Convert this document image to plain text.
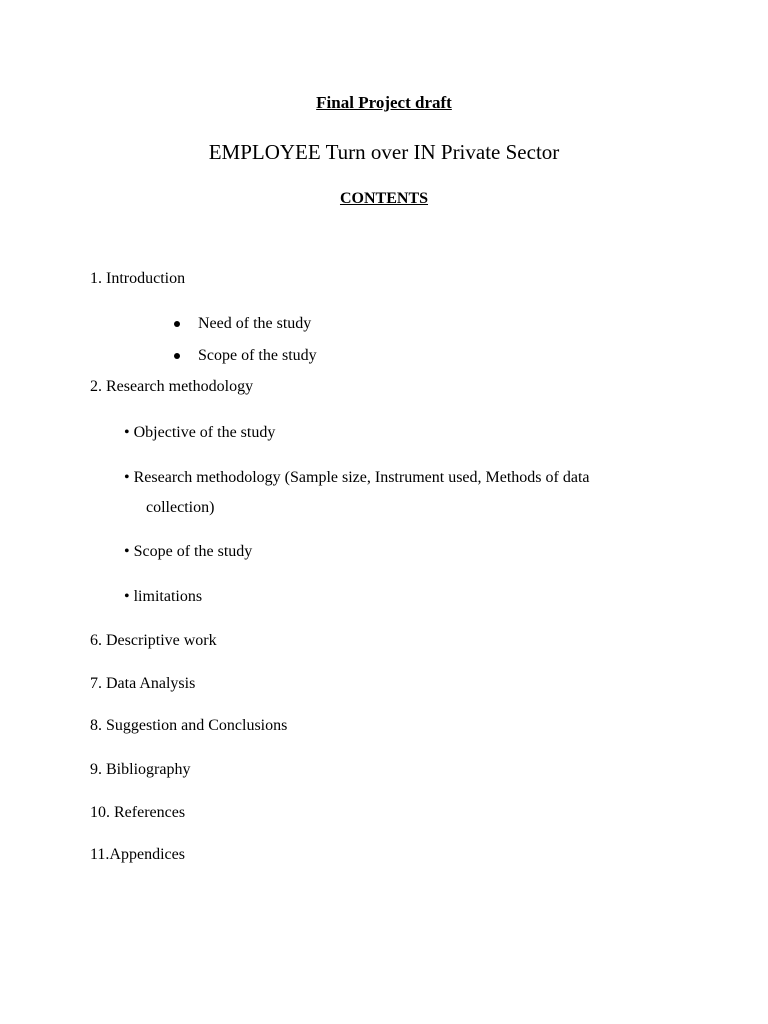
Final Project draft
EMPLOYEE Turn over IN Private Sector
CONTENTS
1. Introduction
Need of the study
Scope of the study
2. Research methodology
• Objective of the study
• Research methodology (Sample size, Instrument used, Methods of data
collection)
• Scope of the study
• limitations
6. Descriptive work
7. Data Analysis
8. Suggestion and Conclusions
9. Bibliography
10. References
11.Appendices
